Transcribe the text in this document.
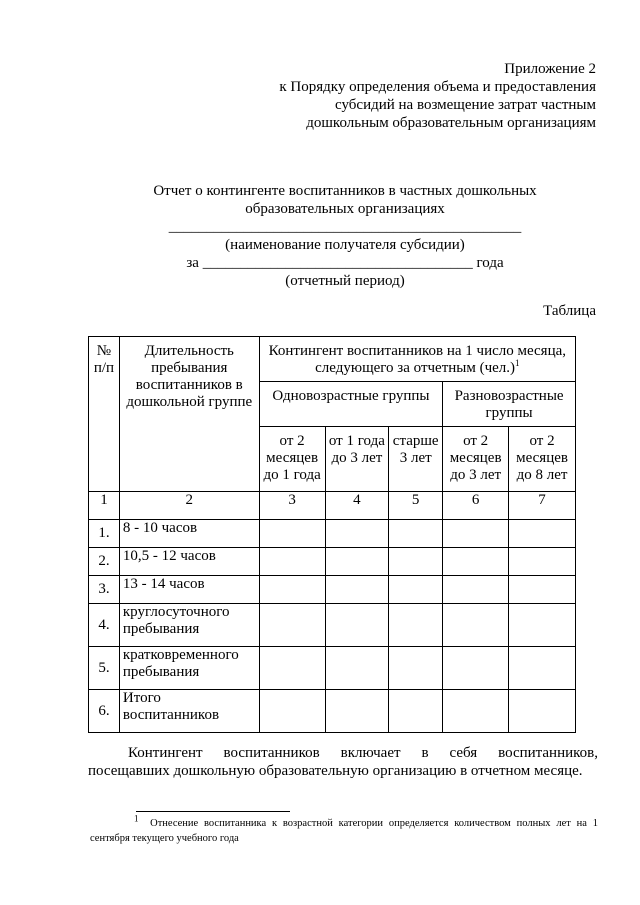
Приложение 2
к Порядку определения объема и предоставления
субсидий на возмещение затрат частным
дошкольным образовательным организациям
Отчет о контингенте воспитанников в частных дошкольных
образовательных организациях
_______________________________________________
(наименование получателя субсидии)
за ____________________________________ года
(отчетный период)
Таблица
№ п/п	Длительность пребывания воспитанников в дошкольной группе	Контингент воспитанников на 1 число месяца, следующего за отчетным $(чел.)^1$
		Одновозрастные группы			Разновозрастные группы	
		от 2 месяцев до 1 года	от 1 года до 3 лет	старше 3 лет	от 2 месяцев до 3 лет	от 2 месяцев до 8 лет
1	2	3	4	5	6	7
1.	8 - 10 часов					
2.	10,5 - 12 часов					
3.	13 - 14 часов					
4.	круглосуточного пребывания					
5.	кратковременного пребывания					
6.	Итого воспитанников					

Контингент воспитанников включает в себя воспитанников,

посещавших дошкольную образовательную организацию в отчетном месяце.

$^1$ Отнесение воспитанника к возрастной категории определяется количеством полных лет на 1

сентября текущего учебного года
